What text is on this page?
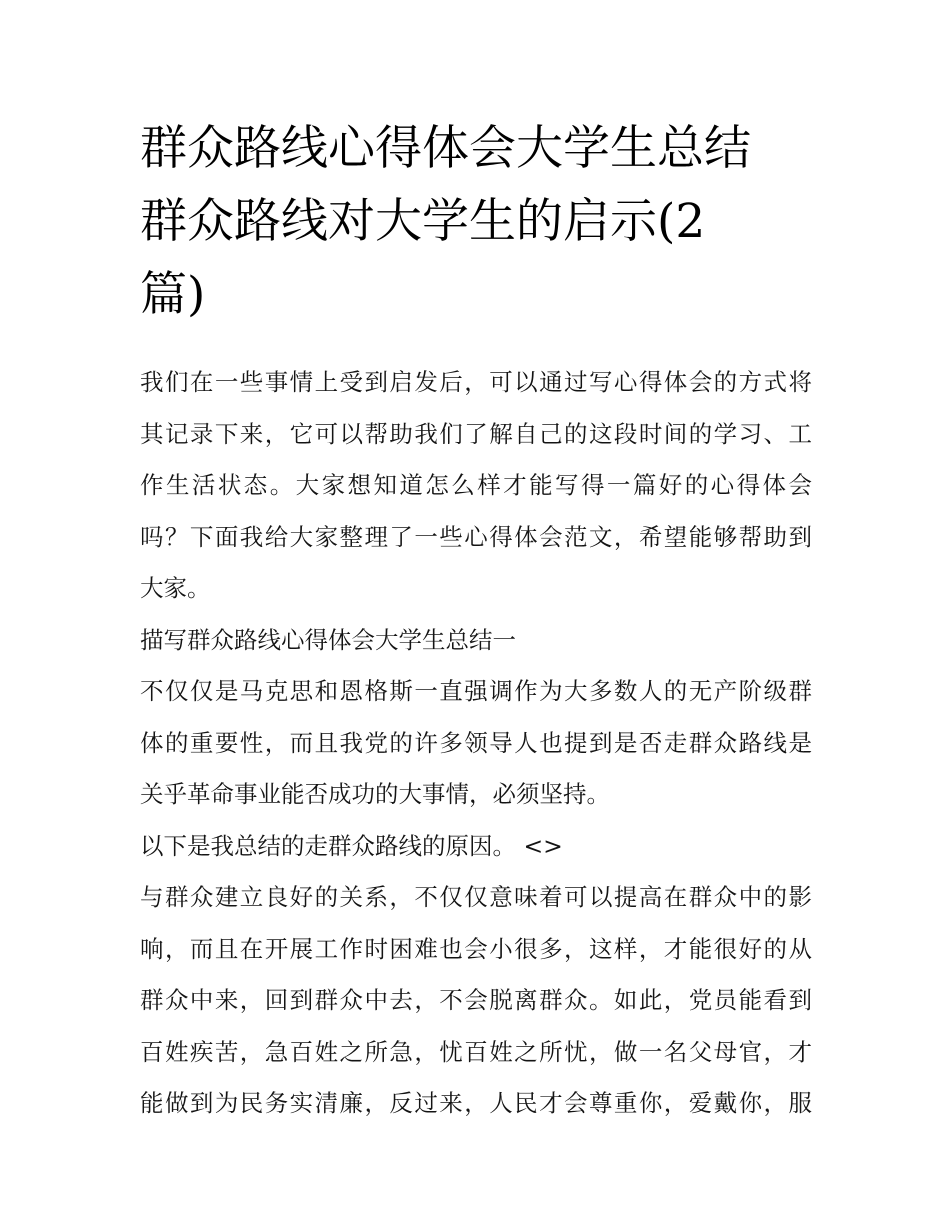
群众路线心得体会大学生总结
群众路线对大学生的启示(2
篇)

我们在一些事情上受到启发后，可以通过写心得体会的方式将
其记录下来，它可以帮助我们了解自己的这段时间的学习、工
作生活状态。大家想知道怎么样才能写得一篇好的心得体会
吗？下面我给大家整理了一些心得体会范文，希望能够帮助到
大家。

描写群众路线心得体会大学生总结一

不仅仅是马克思和恩格斯一直强调作为大多数人的无产阶级群
体的重要性，而且我党的许多领导人也提到是否走群众路线是
关乎革命事业能否成功的大事情，必须坚持。

以下是我总结的走群众路线的原因。 <>

与群众建立良好的关系，不仅仅意味着可以提高在群众中的影
响，而且在开展工作时困难也会小很多，这样，才能很好的从
群众中来，回到群众中去，不会脱离群众。如此，党员能看到
百姓疾苦，急百姓之所急，忧百姓之所忧，做一名父母官，才
能做到为民务实清廉，反过来，人民才会尊重你，爱戴你，服
